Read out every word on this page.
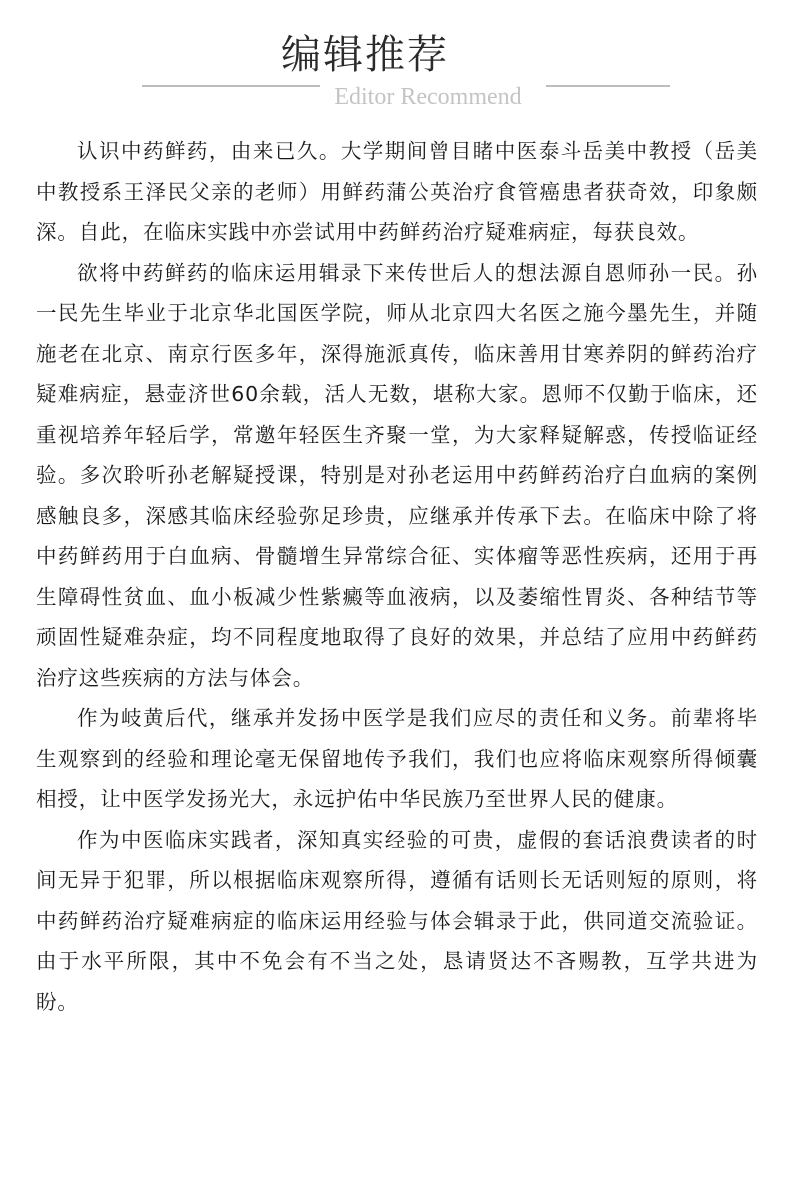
编辑推荐
Editor Recommend

认识中药鲜药，由来已久。大学期间曾目睹中医泰斗岳美中教授（岳美中教授系王泽民父亲的老师）用鲜药蒲公英治疗食管癌患者获奇效，印象颇深。自此，在临床实践中亦尝试用中药鲜药治疗疑难病症，每获良效。

欲将中药鲜药的临床运用辑录下来传世后人的想法源自恩师孙一民。孙一民先生毕业于北京华北国医学院，师从北京四大名医之施今墨先生，并随施老在北京、南京行医多年，深得施派真传，临床善用甘寒养阴的鲜药治疗疑难病症，悬壶济世60余载，活人无数，堪称大家。恩师不仅勤于临床，还重视培养年轻后学，常邀年轻医生齐聚一堂，为大家释疑解惑，传授临证经验。多次聆听孙老解疑授课，特别是对孙老运用中药鲜药治疗白血病的案例感触良多，深感其临床经验弥足珍贵，应继承并传承下去。在临床中除了将中药鲜药用于白血病、骨髓增生异常综合征、实体瘤等恶性疾病，还用于再生障碍性贫血、血小板减少性紫癜等血液病，以及萎缩性胃炎、各种结节等顽固性疑难杂症，均不同程度地取得了良好的效果，并总结了应用中药鲜药治疗这些疾病的方法与体会。

作为岐黄后代，继承并发扬中医学是我们应尽的责任和义务。前辈将毕生观察到的经验和理论毫无保留地传予我们，我们也应将临床观察所得倾囊相授，让中医学发扬光大，永远护佑中华民族乃至世界人民的健康。

作为中医临床实践者，深知真实经验的可贵，虚假的套话浪费读者的时间无异于犯罪，所以根据临床观察所得，遵循有话则长无话则短的原则，将中药鲜药治疗疑难病症的临床运用经验与体会辑录于此，供同道交流验证。由于水平所限，其中不免会有不当之处，恳请贤达不吝赐教，互学共进为盼。
